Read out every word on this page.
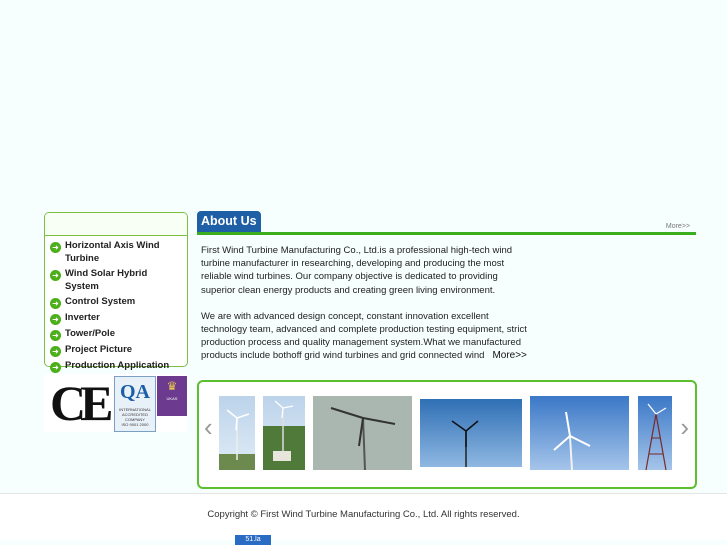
➜ Horizontal Axis Wind Turbine
➜ Wind Solar Hybrid System
➜ Control System
➜ Inverter
➜ Tower/Pole
➜ Project Picture
➜ Production Application
CE QA
INTERNATIONAL
ACCREDITED COMPANY
ISO 9001 2000
♛
UKAS
About Us	More>>

First Wind Turbine Manufacturing Co., Ltd.is a professional high-tech wind turbine manufacturer in researching, developing and producing the most reliable wind turbines. Our company objective is dedicated to providing superior clean energy products and creating green living environment.

We are with advanced design concept, constant innovation excellent technology team, advanced and complete production testing equipment, strict production process and quality management system.What we manufactured products include bothoff grid wind turbines and grid connected wind More>>

‹	›
Copyright © First Wind Turbine Manufacturing Co., Ltd. All rights reserved.
51.la
